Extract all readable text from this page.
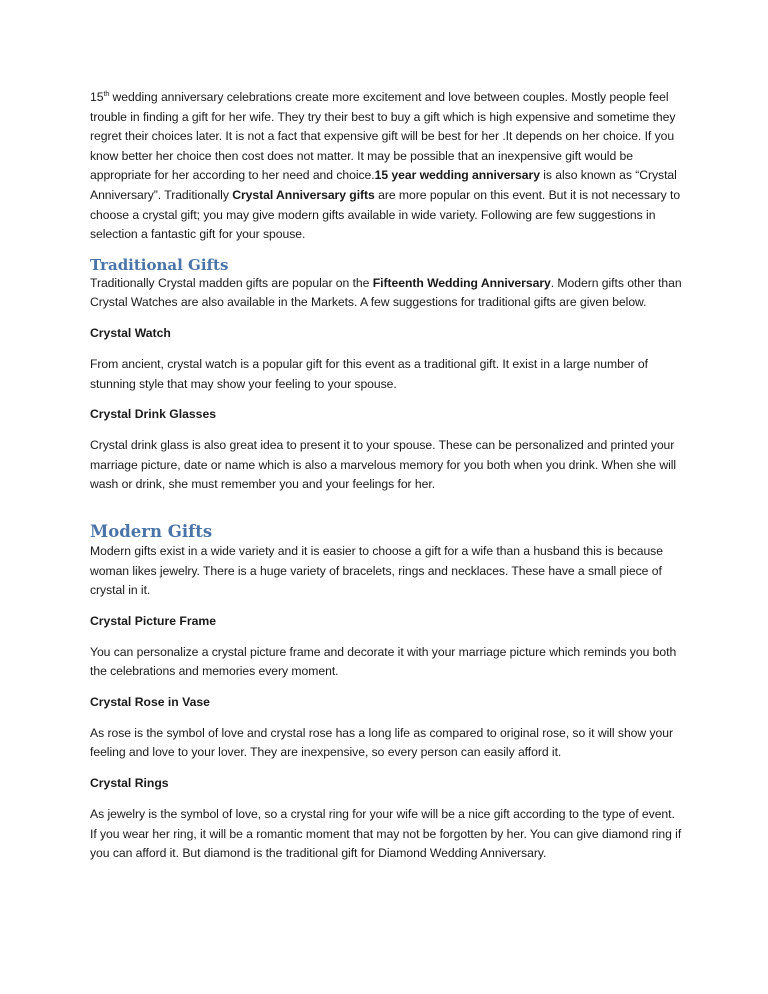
15th wedding anniversary celebrations create more excitement and love between couples. Mostly people feel trouble in finding a gift for her wife. They try their best to buy a gift which is high expensive and sometime they regret their choices later. It is not a fact that expensive gift will be best for her .It depends on her choice. If you know better her choice then cost does not matter. It may be possible that an inexpensive gift would be appropriate for her according to her need and choice.15 year wedding anniversary is also known as “Crystal Anniversary”. Traditionally Crystal Anniversary gifts are more popular on this event. But it is not necessary to choose a crystal gift; you may give modern gifts available in wide variety. Following are few suggestions in selection a fantastic gift for your spouse.

Traditional Gifts

Traditionally Crystal madden gifts are popular on the Fifteenth Wedding Anniversary. Modern gifts other than Crystal Watches are also available in the Markets. A few suggestions for traditional gifts are given below.

Crystal Watch

From ancient, crystal watch is a popular gift for this event as a traditional gift. It exist in a large number of stunning style that may show your feeling to your spouse.

Crystal Drink Glasses

Crystal drink glass is also great idea to present it to your spouse. These can be personalized and printed your marriage picture, date or name which is also a marvelous memory for you both when you drink. When she will wash or drink, she must remember you and your feelings for her.

Modern Gifts

Modern gifts exist in a wide variety and it is easier to choose a gift for a wife than a husband this is because woman likes jewelry. There is a huge variety of bracelets, rings and necklaces. These have a small piece of crystal in it.

Crystal Picture Frame

You can personalize a crystal picture frame and decorate it with your marriage picture which reminds you both the celebrations and memories every moment.

Crystal Rose in Vase

As rose is the symbol of love and crystal rose has a long life as compared to original rose, so it will show your feeling and love to your lover. They are inexpensive, so every person can easily afford it.

Crystal Rings

As jewelry is the symbol of love, so a crystal ring for your wife will be a nice gift according to the type of event. If you wear her ring, it will be a romantic moment that may not be forgotten by her. You can give diamond ring if you can afford it. But diamond is the traditional gift for Diamond Wedding Anniversary.
